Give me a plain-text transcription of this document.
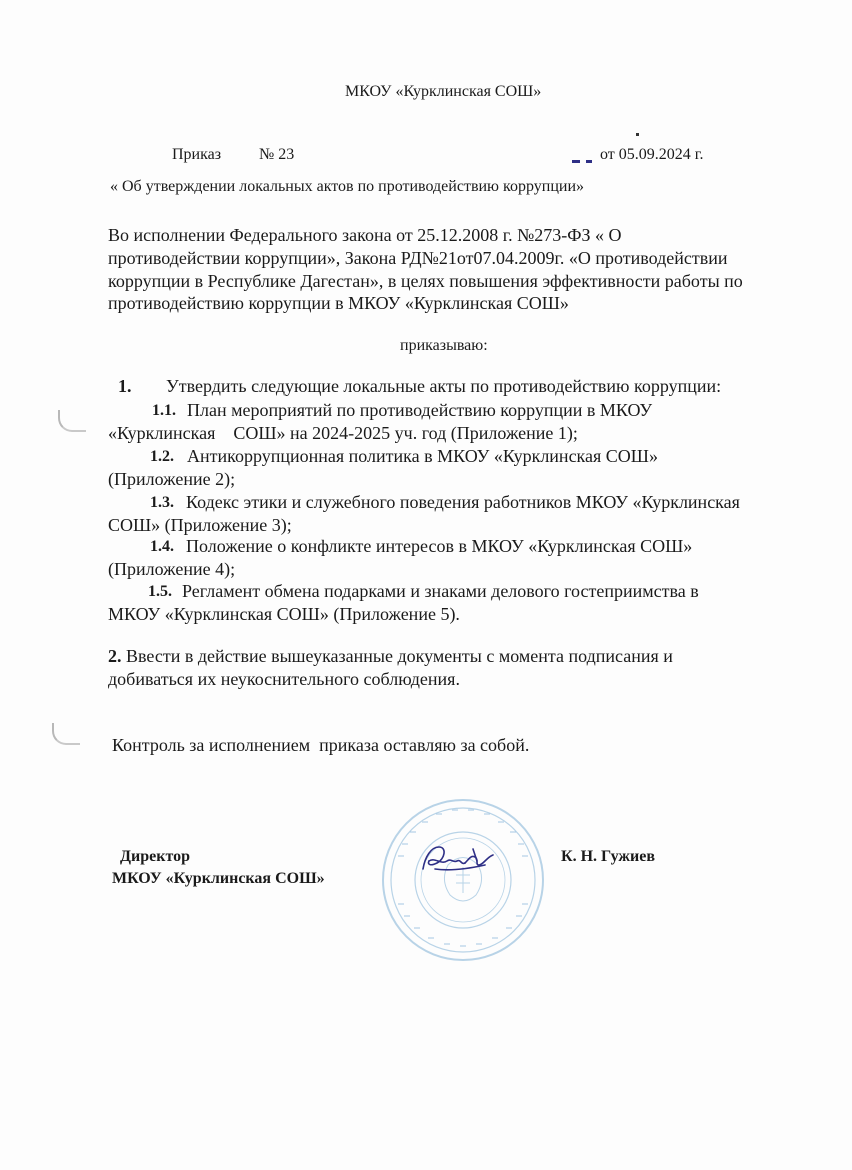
МКОУ «Курклинская СОШ»
Приказ № 23	от 05.09.2024 г.
« Об утверждении локальных актов по противодействию коррупции»
Во исполнении Федерального закона от 25.12.2008 г. №273-ФЗ « О
противодействии коррупции», Закона РД№21от07.04.2009г. «О противодействии
коррупции в Республике Дагестан», в целях повышения эффективности работы по
противодействию коррупции в МКОУ «Курклинская СОШ»
приказываю:
1. Утвердить следующие локальные акты по противодействию коррупции:
1.1. План мероприятий по противодействию коррупции в МКОУ
«Курклинская    СОШ» на 2024-2025 уч. год (Приложение 1);
1.2. Антикоррупционная политика в МКОУ «Курклинская СОШ»
(Приложение 2);
1.3. Кодекс этики и служебного поведения работников МКОУ «Курклинская
СОШ» (Приложение 3);
1.4. Положение о конфликте интересов в МКОУ «Курклинская СОШ»
(Приложение 4);
1.5. Регламент обмена подарками и знаками делового гостеприимства в
МКОУ «Курклинская СОШ» (Приложение 5).
2. Ввести в действие вышеуказанные документы с момента подписания и
добиваться их неукоснительного соблюдения.
Контроль за исполнением  приказа оставляю за собой.
Директор
МКОУ «Курклинская СОШ»
К. Н. Гужиев
